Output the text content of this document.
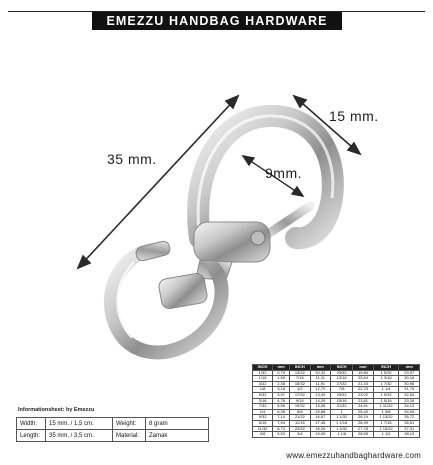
EMEZZU HANDBAG HARDWARE
35 mm.
15 mm.
9mm.
Informationsheet: by Emezzu
Width:	15 mm. / 1,5 cm.	Weight:	8 gram
Length:	35 mm. / 3,5 cm.	Material:	Zamak
INCH	mm	INCH	mm	INCH	mm	INCH	mm
1/32	0,79	13/32	10,32	25/32	19,84	1 5/32	29,37
1/16	1,59	7/16	11,11	13/16	20,64	1 3/16	30,16
3/32	2,38	15/32	11,91	27/32	21,43	1 7/32	30,96
1/8	3,18	1/2	12,70	7/8	22,23	1 1/4	31,75
5/32	3,97	17/32	13,49	29/32	23,02	1 9/32	32,54
3/16	4,76	9/16	14,29	15/16	23,81	1 5/16	33,34
7/32	5,56	19/32	15,08	31/32	24,61	1 11/32	34,13
1/4	6,35	5/8	15,88	1	25,40	1 3/8	34,93
9/32	7,14	21/32	16,67	1 1/32	26,19	1 13/32	35,72
5/16	7,94	11/16	17,46	1 1/16	26,99	1 7/16	36,51
11/32	8,73	23/32	18,26	1 3/32	27,78	1 15/32	37,31
3/8	9,53	3/4	19,05	1 1/8	28,58	1 1/2	38,10
www.emezzuhandbaghardware.com
